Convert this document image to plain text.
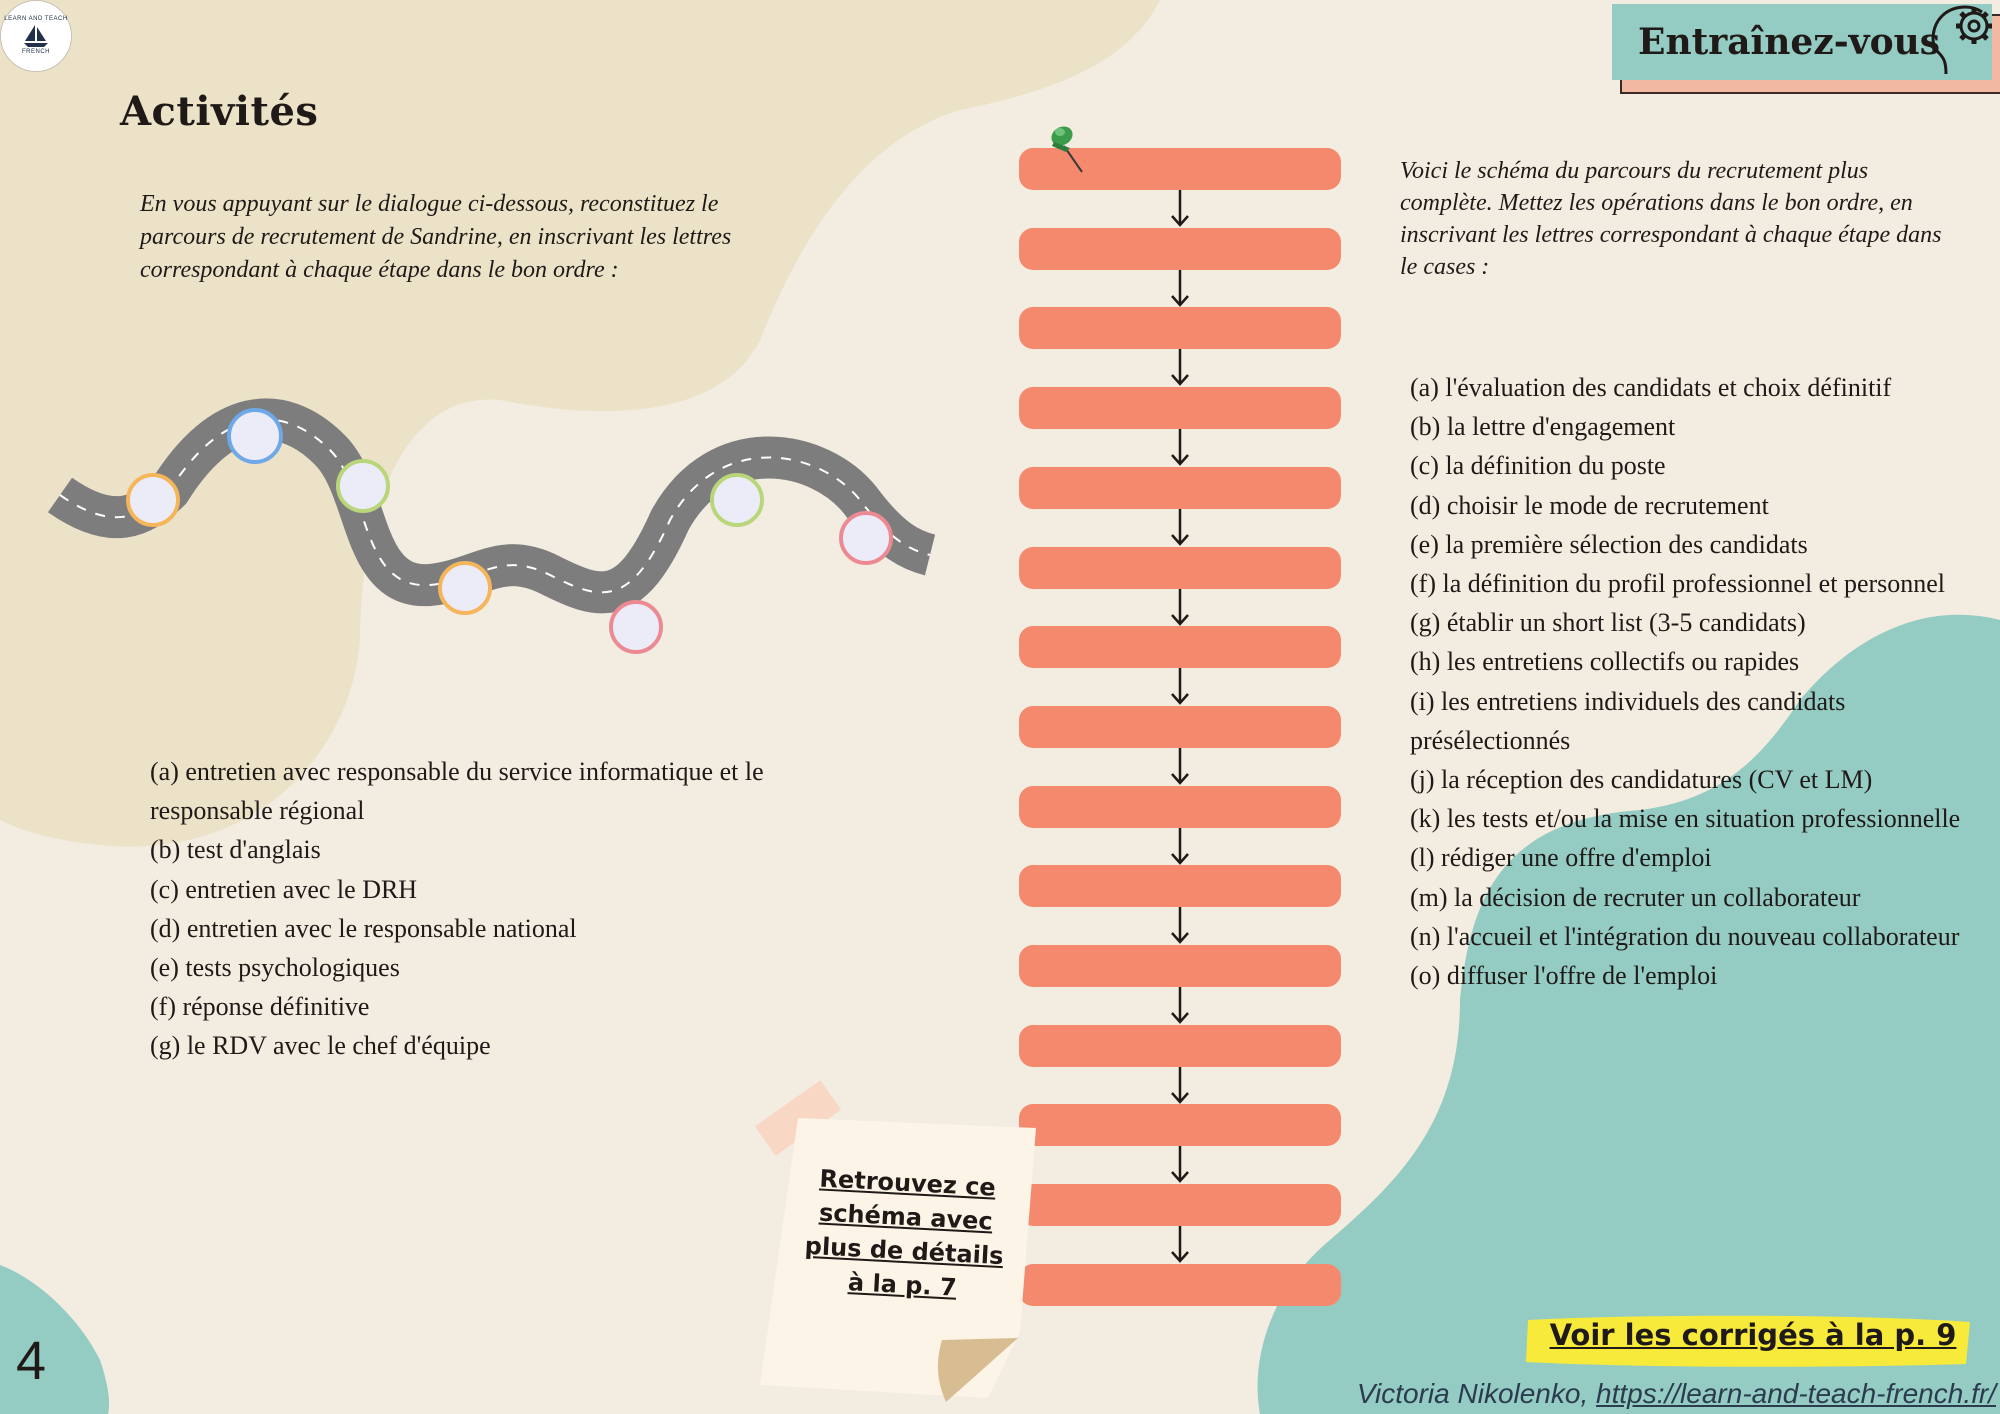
LEARN AND TEACH
FRENCH
Activités
En vous appuyant sur le dialogue ci-dessous, reconstituez le parcours de recrutement de Sandrine, en inscrivant les lettres correspondant à chaque étape dans le bon ordre :

(a) entretien avec responsable du service informatique et le responsable régional

(b) test d'anglais

(c) entretien avec le DRH

(d) entretien avec le responsable national

(e) tests psychologiques

(f) réponse définitive

(g) le RDV avec le chef d'équipe

Entraînez-vous
Voici le schéma du parcours du recrutement plus complète. Mettez les opérations dans le bon ordre, en inscrivant les lettres correspondant à chaque étape dans le cases :

(a) l'évaluation des candidats et choix définitif

(b) la lettre d'engagement

(c) la définition du poste

(d) choisir le mode de recrutement

(e) la première sélection des candidats

(f) la définition du profil professionnel et personnel

(g) établir un short list (3-5 candidats)

(h) les entretiens collectifs ou rapides

(i) les entretiens individuels des candidats présélectionnés

(j) la réception des candidatures (CV et LM)

(k) les tests et/ou la mise en situation professionnelle

(l) rédiger une offre d'emploi

(m) la décision de recruter un collaborateur

(n) l'accueil et l'intégration du nouveau collaborateur

(o) diffuser l'offre de l'emploi

Retrouvez ce schéma avec plus de détails à la p. 7
4	Voir les corrigés à la p. 9
Victoria Nikolenko, https://learn-and-teach-french.fr/
